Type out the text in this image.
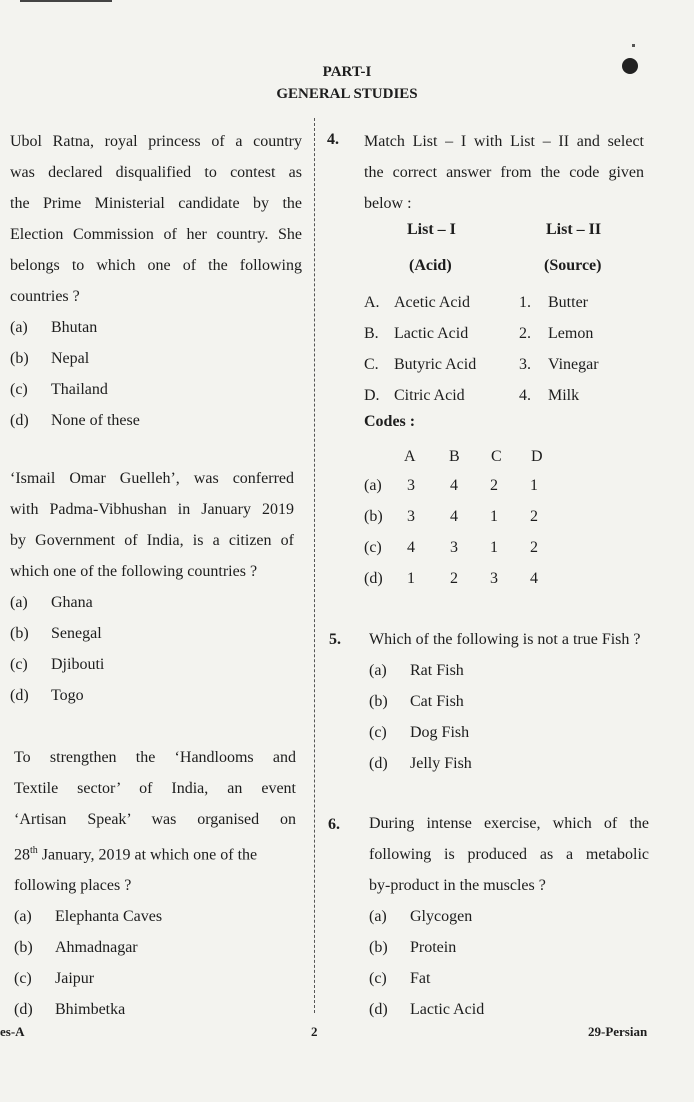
PART-I
GENERAL STUDIES
Ubol Ratna, royal princess of a country
was declared disqualified to contest as
the Prime Ministerial candidate by the
Election Commission of her country. She
belongs to which one of the following
countries ?
(a)	Bhutan
(b)	Nepal
(c)	Thailand
(d)	None of these
‘Ismail Omar Guelleh’, was conferred
with Padma-Vibhushan in January 2019
by Government of India, is a citizen of
which one of the following countries ?
(a)	Ghana
(b)	Senegal
(c)	Djibouti
(d)	Togo
To strengthen the ‘Handlooms and
Textile sector’ of India, an event
‘Artisan Speak’ was organised on
28th January, 2019 at which one of the
following places ?
(a)	Elephanta Caves
(b)	Ahmadnagar
(c)	Jaipur
(d)	Bhimbetka
4. Match List – I with List – II and select
the correct answer from the code given
below :
List – I
(Acid)
List – II
(Source)
A. Acetic Acid	1.	Butter
B. Lactic Acid	2.	Lemon
C. Butyric Acid	3.	Vinegar
D. Citric Acid	4.	Milk
Codes :
A	B	C	D
(a)	3	4	2	1
(b)	3	4	1	2
(c)	4	3	1	2
(d)	1	2	3	4
5. Which of the following is not a true Fish ?
(a)	Rat Fish
(b)	Cat Fish
(c)	Dog Fish
(d)	Jelly Fish
6. During intense exercise, which of the
following is produced as a metabolic
by-product in the muscles ?
(a)	Glycogen
(b)	Protein
(c)	Fat
(d)	Lactic Acid
es-A	2	29-Persian
